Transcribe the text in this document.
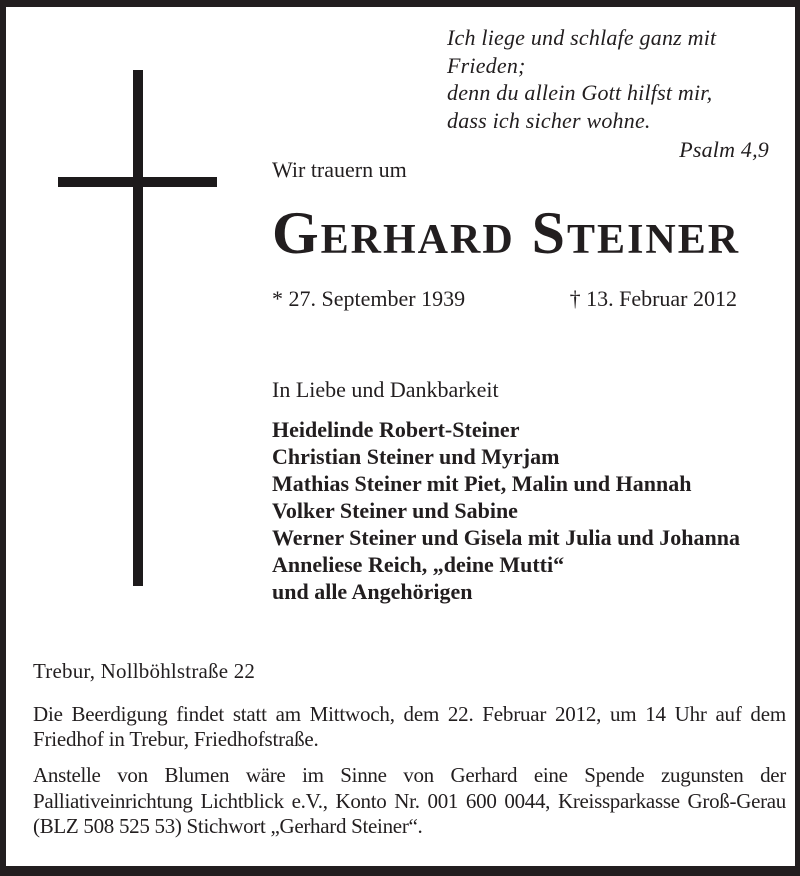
Ich liege und schlafe ganz mit Frieden;
denn du allein Gott hilfst mir,
dass ich sicher wohne.
Psalm 4,9
Wir trauern um
Gerhard Steiner
* 27. September 1939	† 13. Februar 2012
In Liebe und Dankbarkeit
Heidelinde Robert-Steiner
Christian Steiner und Myrjam
Mathias Steiner mit Piet, Malin und Hannah
Volker Steiner und Sabine
Werner Steiner und Gisela mit Julia und Johanna
Anneliese Reich, „deine Mutti“
und alle Angehörigen
Trebur, Nollböhlstraße 22
Die Beerdigung findet statt am Mittwoch, dem 22. Februar 2012, um 14 Uhr auf dem Friedhof in Trebur, Friedhofstraße.
Anstelle von Blumen wäre im Sinne von Gerhard eine Spende zugunsten der Palliativeinrichtung Lichtblick e.V., Konto Nr. 001 600 0044, Kreissparkasse Groß-Gerau (BLZ 508 525 53) Stichwort „Gerhard Steiner“.
